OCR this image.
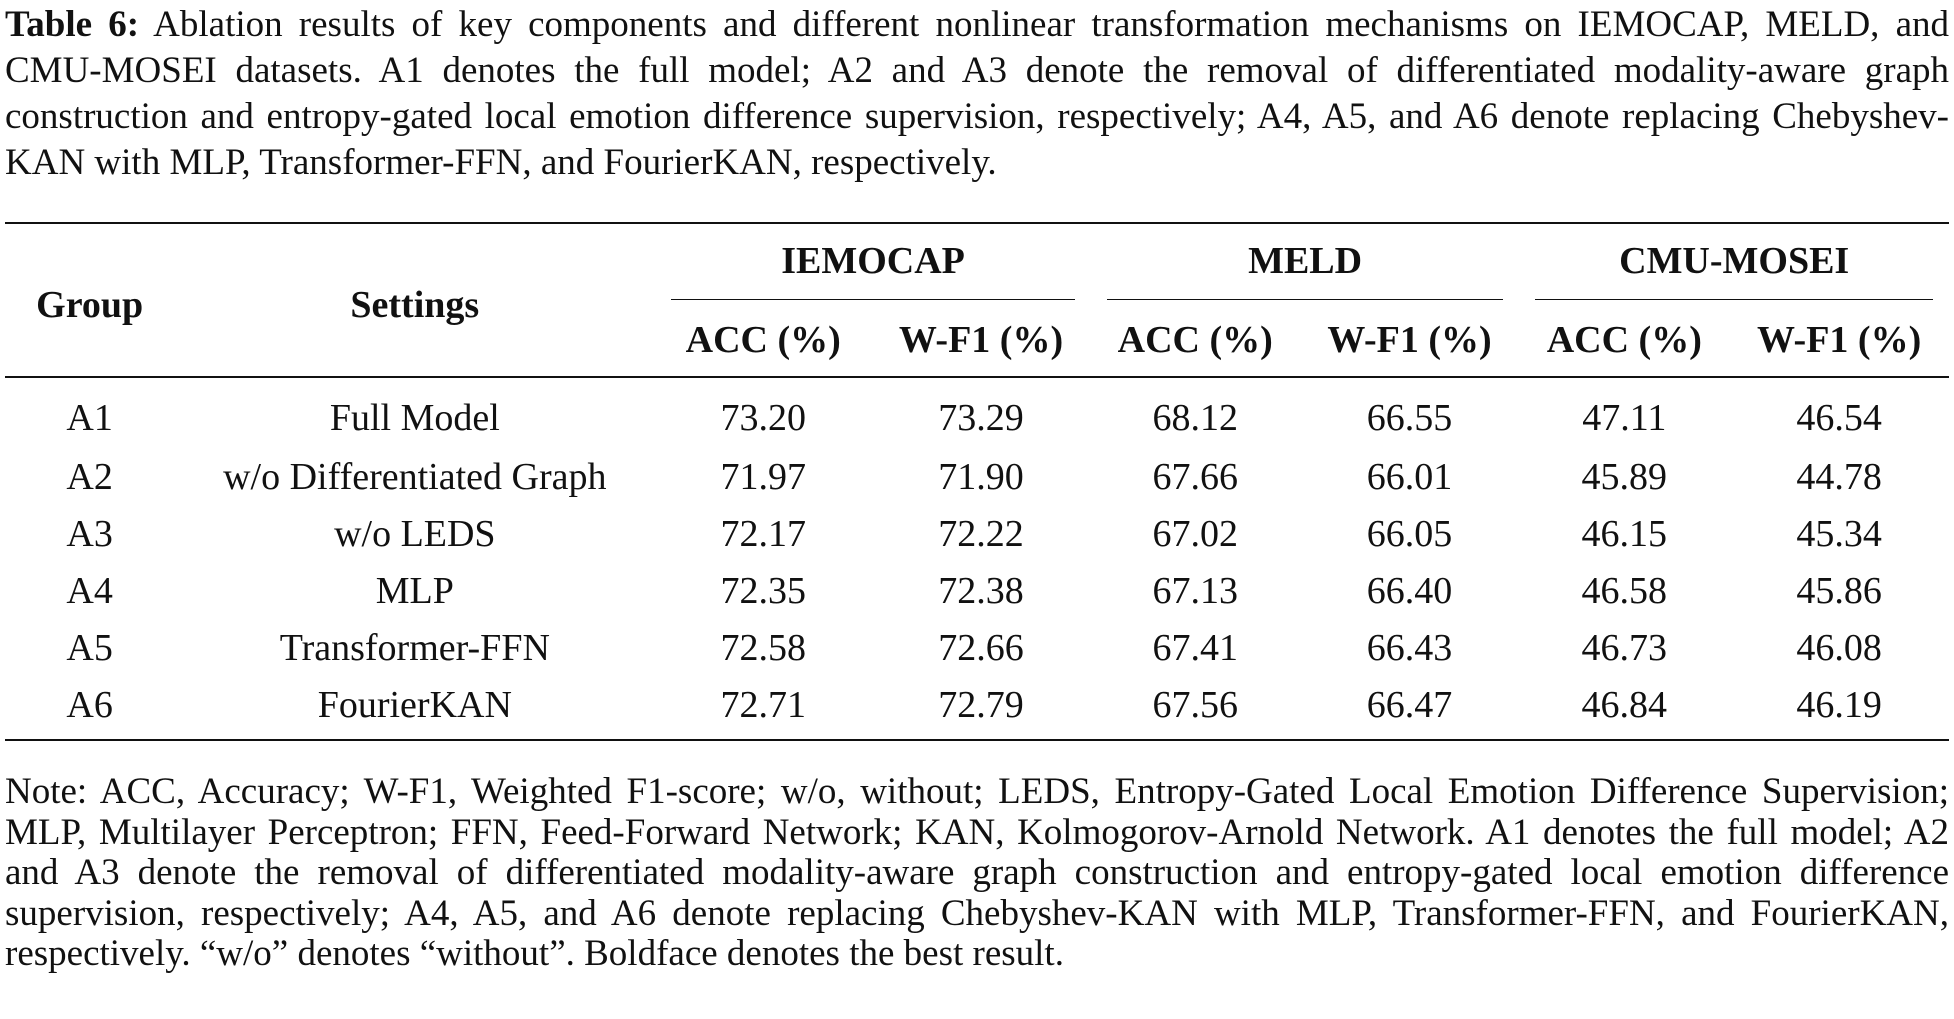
Table 6: Ablation results of key components and different nonlinear transformation mechanisms on IEMOCAP, MELD, and CMU-MOSEI datasets. A1 denotes the full model; A2 and A3 denote the removal of differentiated modality-aware graph construction and entropy-gated local emotion difference supervision, respectively; A4, A5, and A6 denote replacing Chebyshev-KAN with MLP, Transformer-FFN, and FourierKAN, respectively.
Group	Settings	IEMOCAP		MELD		CMU-MOSEI	

		ACC (%)	W-F1 (%)	ACC (%)	W-F1 (%)	ACC (%)	W-F1 (%)
A1	Full Model	73.20	73.29	68.12	66.55	47.11	46.54
A2	w/o Differentiated Graph	71.97	71.90	67.66	66.01	45.89	44.78
A3	w/o LEDS	72.17	72.22	67.02	66.05	46.15	45.34
A4	MLP	72.35	72.38	67.13	66.40	46.58	45.86
A5	Transformer-FFN	72.58	72.66	67.41	66.43	46.73	46.08
A6	FourierKAN	72.71	72.79	67.56	66.47	46.84	46.19
Note: ACC, Accuracy; W-F1, Weighted F1-score; w/o, without; LEDS, Entropy-Gated Local Emotion Difference Supervision; MLP, Multilayer Perceptron; FFN, Feed-Forward Network; KAN, Kolmogorov-Arnold Network. A1 denotes the full model; A2 and A3 denote the removal of differentiated modality-aware graph construction and entropy-gated local emotion difference supervision, respectively; A4, A5, and A6 denote replacing Chebyshev-KAN with MLP, Transformer-FFN, and FourierKAN, respectively. “w/o” denotes “without”. Boldface denotes the best result.
